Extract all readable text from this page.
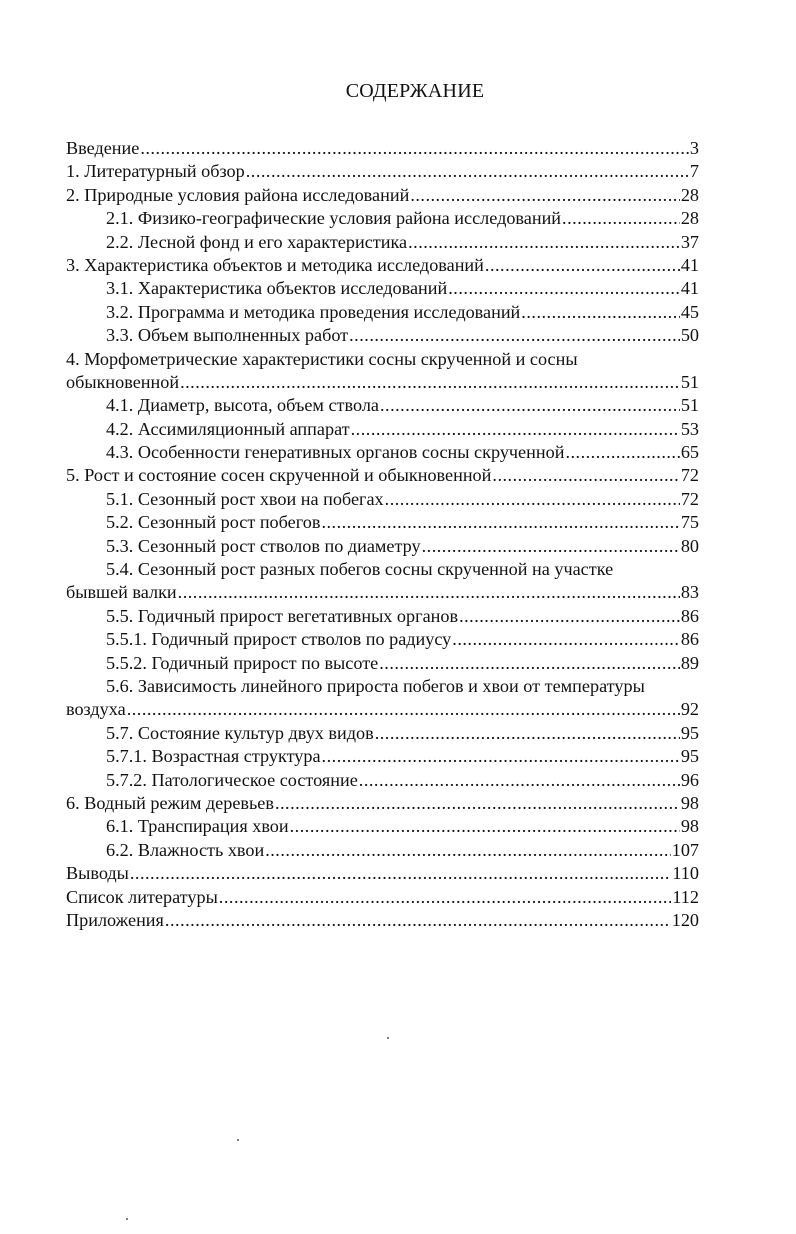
СОДЕРЖАНИЕ
Введение .....	3
1. Литературный обзор .....	7
2. Природные условия района исследований .....	28
2.1. Физико-географические условия района исследований .....	28
2.2. Лесной фонд и его характеристика .....	37
3. Характеристика объектов и методика исследований .....	41
3.1. Характеристика объектов исследований .....	41
3.2. Программа и методика проведения исследований .....	45
3.3. Объем выполненных работ .....	50
4. Морфометрические характеристики сосны скрученной и сосны
обыкновенной .....	51
4.1. Диаметр, высота, объем ствола .....	51
4.2. Ассимиляционный аппарат .....	53
4.3. Особенности генеративных органов сосны скрученной .....	65
5. Рост и состояние сосен скрученной и обыкновенной .....	72
5.1. Сезонный рост хвои на побегах .....	72
5.2. Сезонный рост побегов .....	75
5.3. Сезонный рост стволов по диаметру .....	80
5.4. Сезонный рост разных побегов сосны скрученной на участке
бывшей валки .....	83
5.5. Годичный прирост вегетативных органов .....	86
5.5.1. Годичный прирост стволов по радиусу .....	86
5.5.2. Годичный прирост по высоте .....	89
5.6. Зависимость линейного прироста побегов и хвои от температуры
воздуха .....	92
5.7. Состояние культур двух видов .....	95
5.7.1. Возрастная структура .....	95
5.7.2. Патологическое состояние .....	96
6. Водный режим деревьев .....	98
6.1. Транспирация хвои .....	98
6.2. Влажность хвои .....	107
Выводы .....	110
Список литературы .....	112
Приложения .....	120
